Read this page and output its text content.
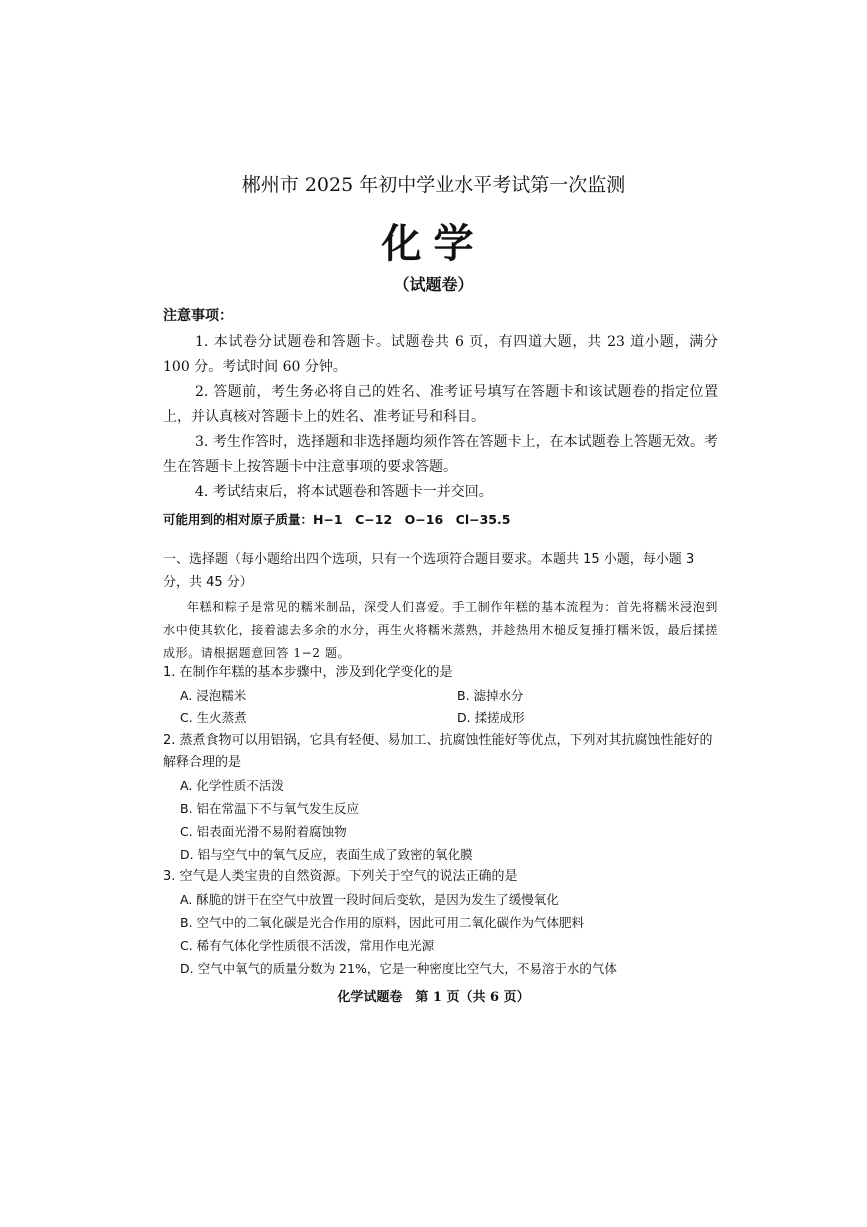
郴州市 2025 年初中学业水平考试第一次监测
化学
（试题卷）
注意事项：
1. 本试卷分试题卷和答题卡。试题卷共 6 页，有四道大题，共 23 道小题，满分 100 分。考试时间 60 分钟。
2. 答题前，考生务必将自己的姓名、准考证号填写在答题卡和该试题卷的指定位置上，并认真核对答题卡上的姓名、准考证号和科目。
3. 考生作答时，选择题和非选择题均须作答在答题卡上，在本试题卷上答题无效。考生在答题卡上按答题卡中注意事项的要求答题。
4. 考试结束后，将本试题卷和答题卡一并交回。
可能用到的相对原子质量：H−1　C−12　O−16　Cl−35.5
一、选择题（每小题给出四个选项，只有一个选项符合题目要求。本题共 15 小题，每小题 3 分，共 45 分）
年糕和粽子是常见的糯米制品，深受人们喜爱。手工制作年糕的基本流程为：首先将糯米浸泡到水中使其软化，接着滤去多余的水分，再生火将糯米蒸熟，并趁热用木槌反复捶打糯米饭，最后揉搓成形。请根据题意回答 1−2 题。
1. 在制作年糕的基本步骤中，涉及到化学变化的是
A. 浸泡糯米	B. 滤掉水分
C. 生火蒸煮	D. 揉搓成形
2. 蒸煮食物可以用铝锅，它具有轻便、易加工、抗腐蚀性能好等优点，下列对其抗腐蚀性能好的解释合理的是
A. 化学性质不活泼
B. 铝在常温下不与氧气发生反应
C. 铝表面光滑不易附着腐蚀物
D. 铝与空气中的氧气反应，表面生成了致密的氧化膜
3. 空气是人类宝贵的自然资源。下列关于空气的说法正确的是
A. 酥脆的饼干在空气中放置一段时间后变软，是因为发生了缓慢氧化
B. 空气中的二氧化碳是光合作用的原料，因此可用二氧化碳作为气体肥料
C. 稀有气体化学性质很不活泼，常用作电光源
D. 空气中氧气的质量分数为 21%，它是一种密度比空气大，不易溶于水的气体
化学试题卷　第 1 页（共 6 页）
